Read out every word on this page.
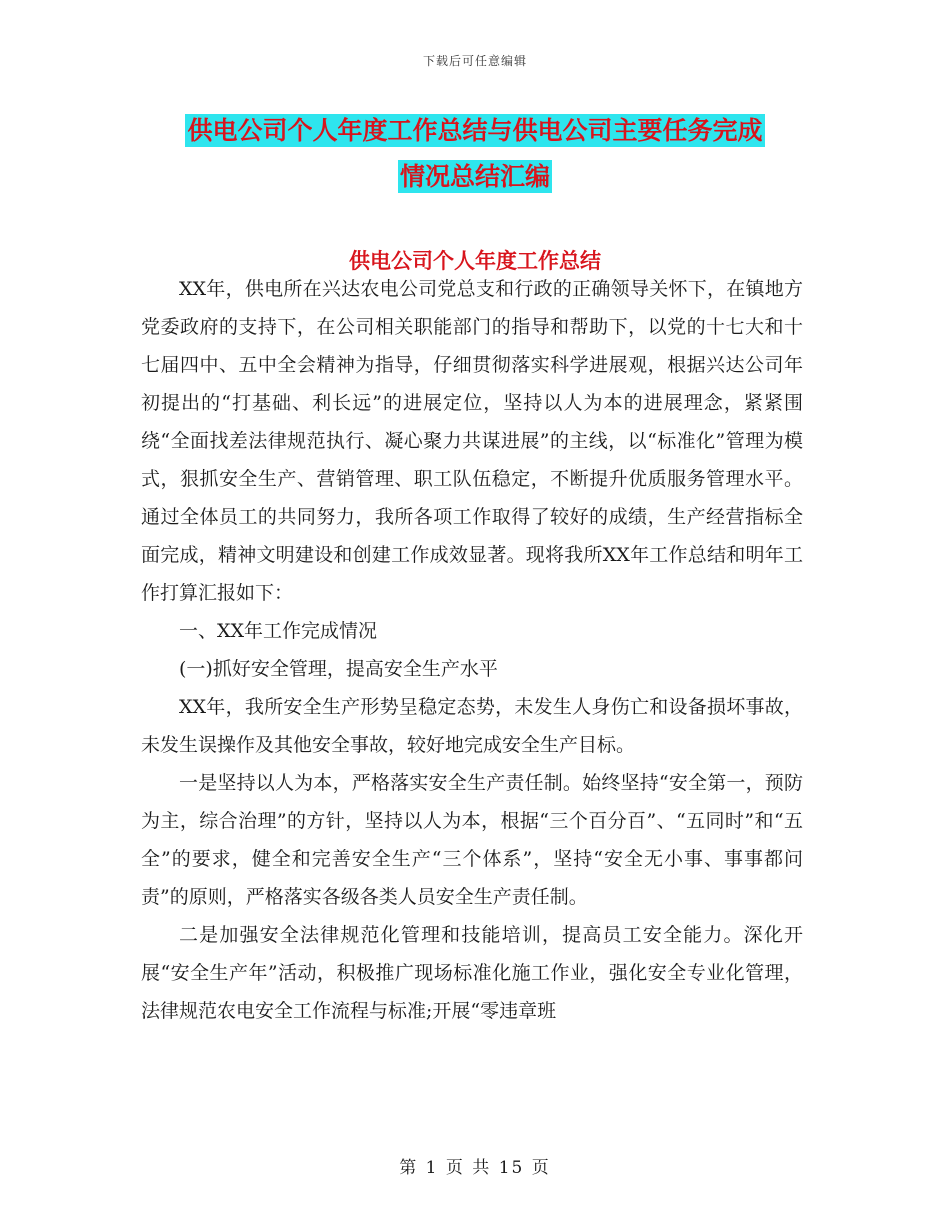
下载后可任意编辑
供电公司个人年度工作总结与供电公司主要任务完成
情况总结汇编
供电公司个人年度工作总结

XX年，供电所在兴达农电公司党总支和行政的正确领导关怀下，在镇地方党委政府的支持下，在公司相关职能部门的指导和帮助下，以党的十七大和十七届四中、五中全会精神为指导，仔细贯彻落实科学进展观，根据兴达公司年初提出的“打基础、利长远”的进展定位，坚持以人为本的进展理念，紧紧围绕“全面找差法律规范执行、凝心聚力共谋进展”的主线，以“标准化”管理为模式，狠抓安全生产、营销管理、职工队伍稳定，不断提升优质服务管理水平。通过全体员工的共同努力，我所各项工作取得了较好的成绩，生产经营指标全面完成，精神文明建设和创建工作成效显著。现将我所XX年工作总结和明年工作打算汇报如下：

一、XX年工作完成情况

(一)抓好安全管理，提高安全生产水平

XX年，我所安全生产形势呈稳定态势，未发生人身伤亡和设备损坏事故，未发生误操作及其他安全事故，较好地完成安全生产目标。

一是坚持以人为本，严格落实安全生产责任制。始终坚持“安全第一，预防为主，综合治理”的方针，坚持以人为本，根据“三个百分百”、“五同时”和“五全”的要求，健全和完善安全生产“三个体系”，坚持“安全无小事、事事都问责”的原则，严格落实各级各类人员安全生产责任制。

二是加强安全法律规范化管理和技能培训，提高员工安全能力。深化开展“安全生产年”活动，积极推广现场标准化施工作业，强化安全专业化管理，法律规范农电安全工作流程与标准;开展“零违章班

第 1 页 共 15 页
